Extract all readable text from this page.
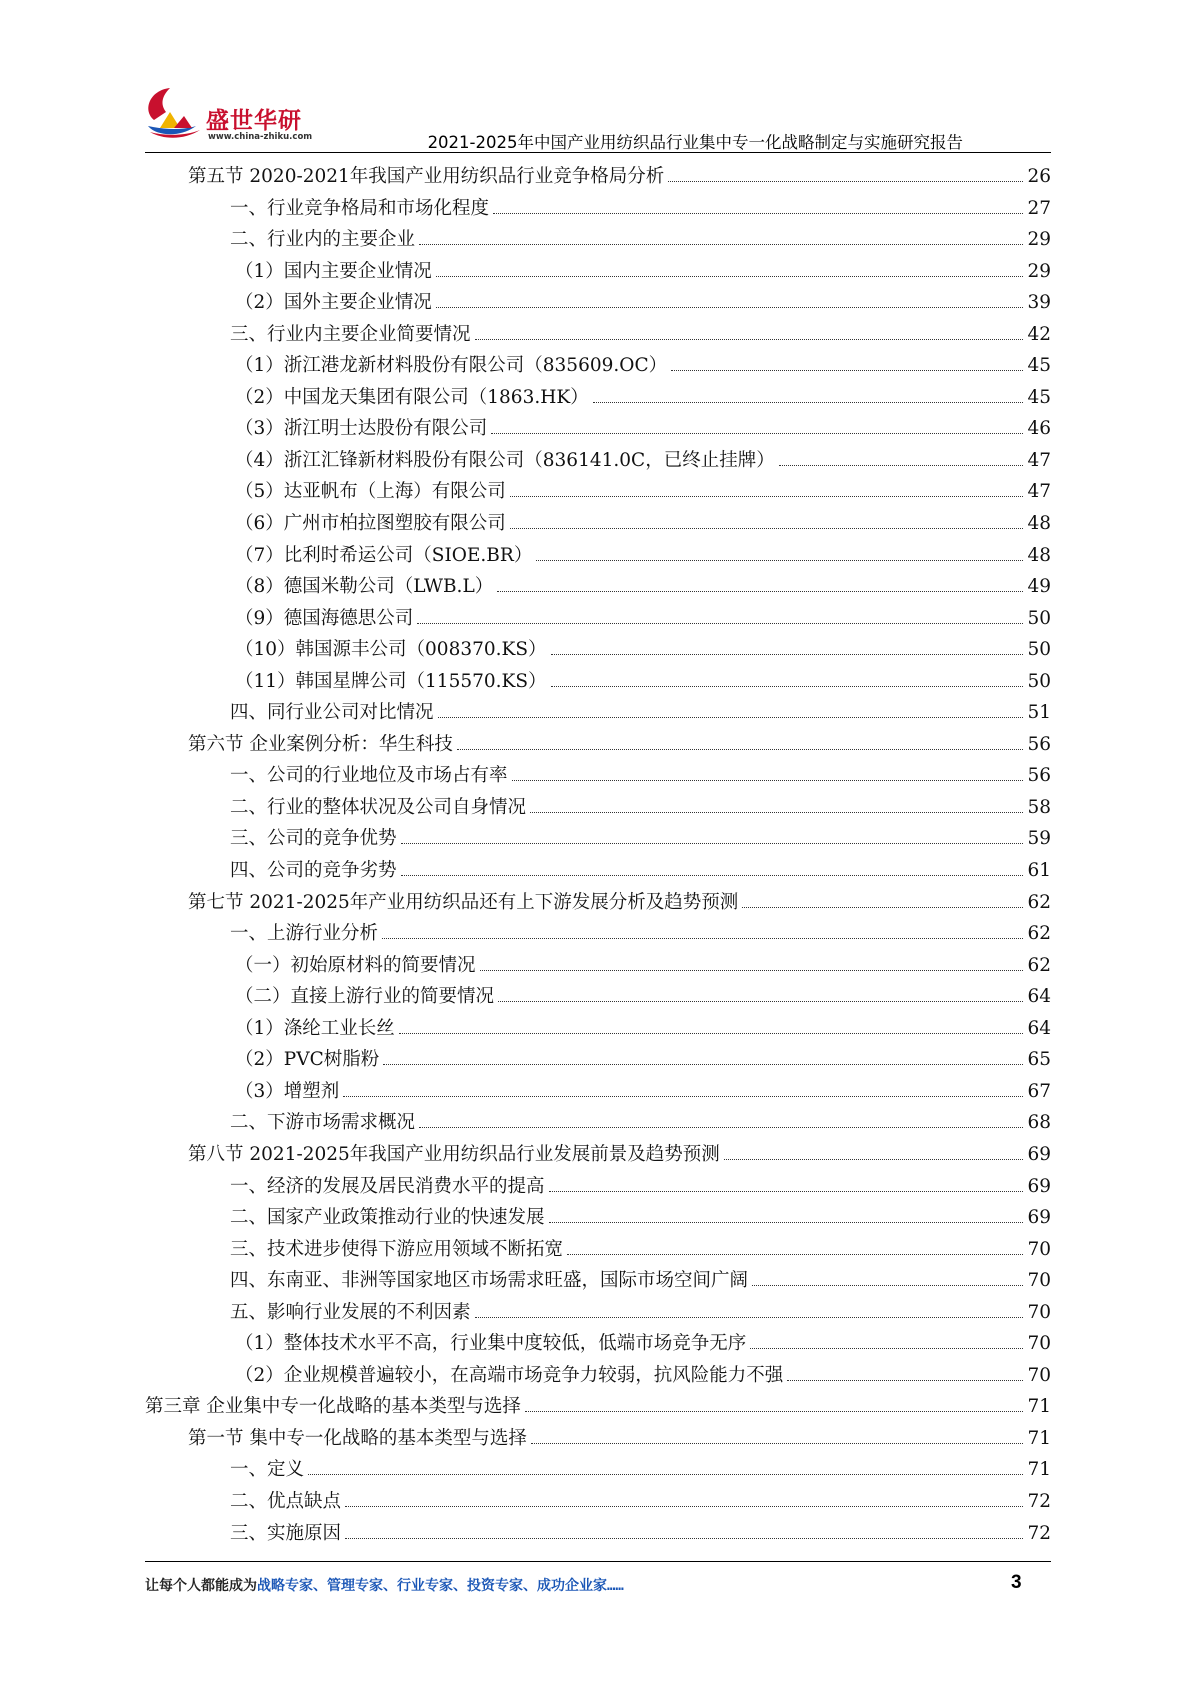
盛世华研
www.china-zhiku.com	2021-2025年中国产业用纺织品行业集中专一化战略制定与实施研究报告
第五节 2020-2021年我国产业用纺织品行业竞争格局分析	26
一、行业竞争格局和市场化程度	27
二、行业内的主要企业	29
（1）国内主要企业情况	29
（2）国外主要企业情况	39
三、行业内主要企业简要情况	42
（1）浙江港龙新材料股份有限公司（835609.OC）	45
（2）中国龙天集团有限公司（1863.HK）	45
（3）浙江明士达股份有限公司	46
（4）浙江汇锋新材料股份有限公司（836141.0C，已终止挂牌）	47
（5）达亚帆布（上海）有限公司	47
（6）广州市柏拉图塑胶有限公司	48
（7）比利时希运公司（SIOE.BR）	48
（8）德国米勒公司（LWB.L）	49
（9）德国海德思公司	50
（10）韩国源丰公司（008370.KS）	50
（11）韩国星牌公司（115570.KS）	50
四、同行业公司对比情况	51
第六节 企业案例分析：华生科技	56
一、公司的行业地位及市场占有率	56
二、行业的整体状况及公司自身情况	58
三、公司的竞争优势	59
四、公司的竞争劣势	61
第七节 2021-2025年产业用纺织品还有上下游发展分析及趋势预测	62
一、上游行业分析	62
（一）初始原材料的简要情况	62
（二）直接上游行业的简要情况	64
（1）涤纶工业长丝	64
（2）PVC树脂粉	65
（3）增塑剂	67
二、下游市场需求概况	68
第八节 2021-2025年我国产业用纺织品行业发展前景及趋势预测	69
一、经济的发展及居民消费水平的提高	69
二、国家产业政策推动行业的快速发展	69
三、技术进步使得下游应用领域不断拓宽	70
四、东南亚、非洲等国家地区市场需求旺盛，国际市场空间广阔	70
五、影响行业发展的不利因素	70
（1）整体技术水平不高，行业集中度较低，低端市场竞争无序	70
（2）企业规模普遍较小，在高端市场竞争力较弱，抗风险能力不强	70
第三章 企业集中专一化战略的基本类型与选择	71
第一节 集中专一化战略的基本类型与选择	71
一、定义	71
二、优点缺点	72
三、实施原因	72
让每个人都能成为战略专家、管理专家、行业专家、投资专家、成功企业家……	3
